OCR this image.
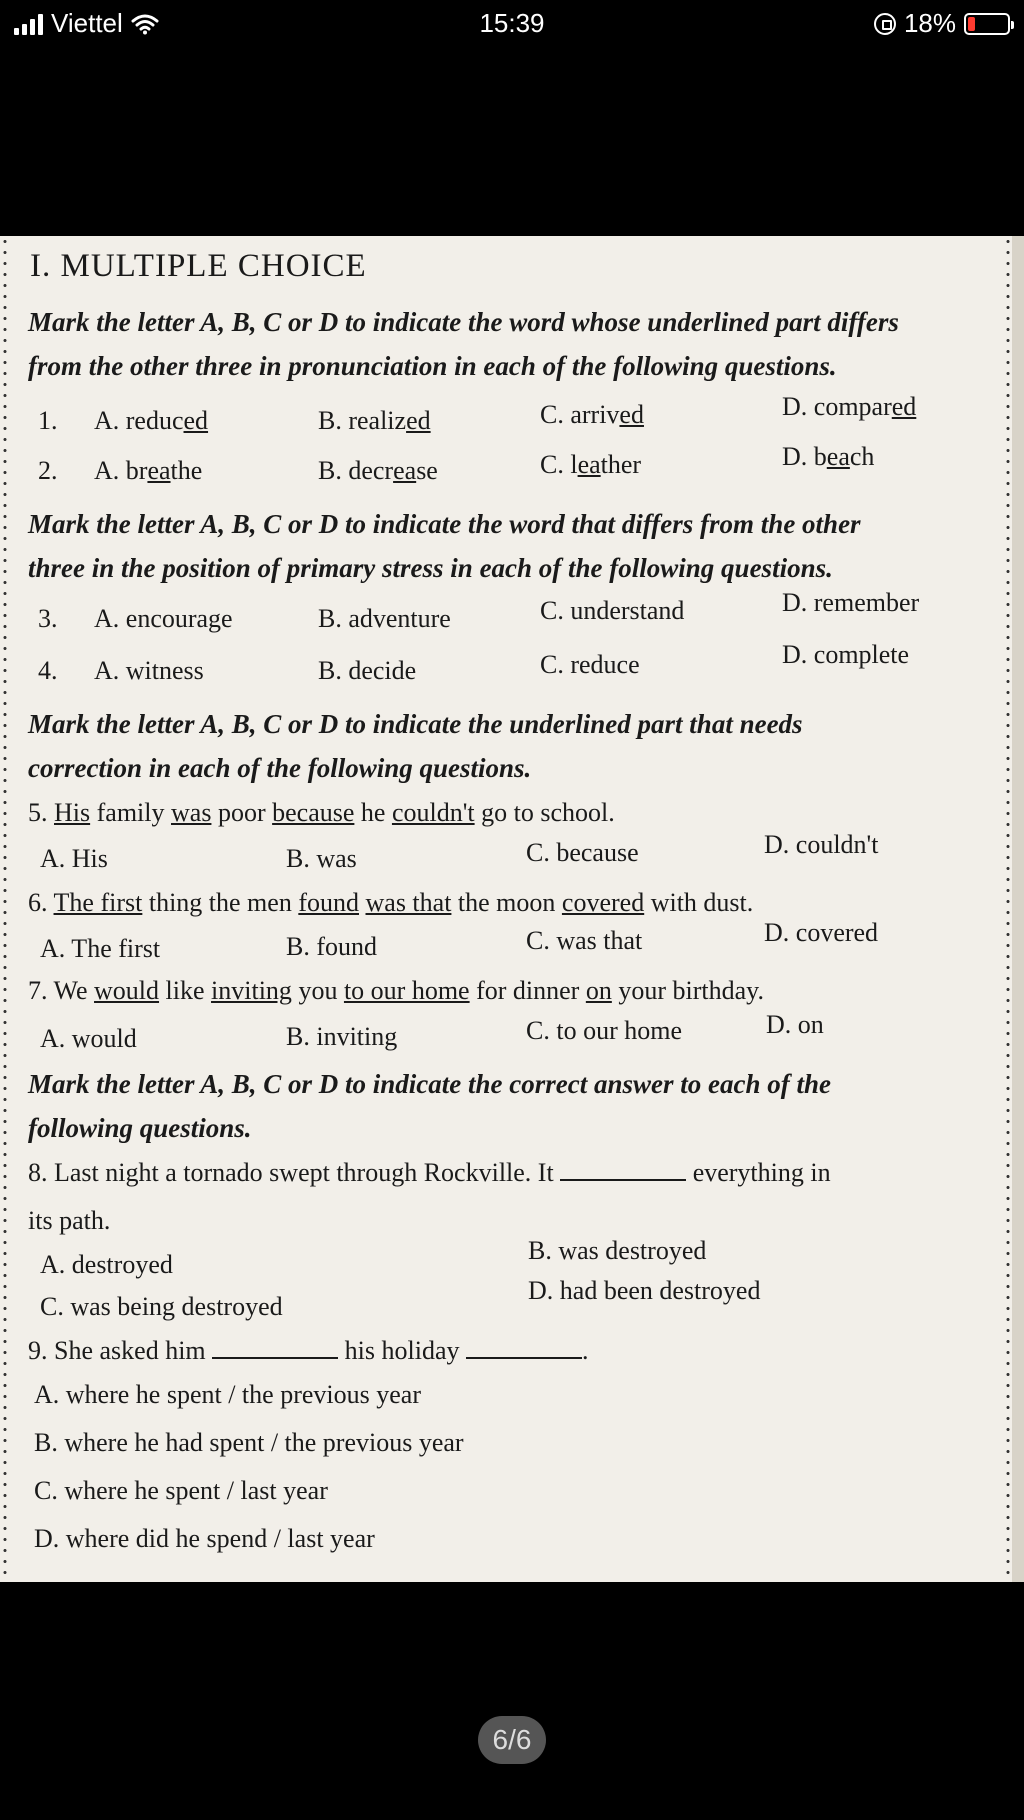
Viettel	15:39	18%
I. MULTIPLE CHOICE
Mark the letter A, B, C or D to indicate the word whose underlined part differs
from the other three in pronunciation in each of the following questions.
1. A. reduced	B. realized	C. arrived	D. compared
2. A. breathe	B. decrease	C. leather	D. beach
Mark the letter A, B, C or D to indicate the word that differs from the other
three in the position of primary stress in each of the following questions.
3. A. encourage	B. adventure	C. understand	D. remember
4. A. witness	B. decide	C. reduce	D. complete
Mark the letter A, B, C or D to indicate the underlined part that needs
correction in each of the following questions.
5. His family was poor because he couldn't go to school.
A. His	B. was	C. because	D. couldn't
6. The first thing the men found was that the moon covered with dust.
A. The first	B. found	C. was that	D. covered
7. We would like inviting you to our home for dinner on your birthday.
A. would	B. inviting	C. to our home	D. on
Mark the letter A, B, C or D to indicate the correct answer to each of the
following questions.
8. Last night a tornado swept through Rockville. It	everything in
its path.
A. destroyed	B. was destroyed
C. was being destroyed
D. had been destroyed
9. She asked him	his holiday	.
A. where he spent / the previous year
B. where he had spent / the previous year
C. where he spent / last year
D. where did he spend / last year
6/6
